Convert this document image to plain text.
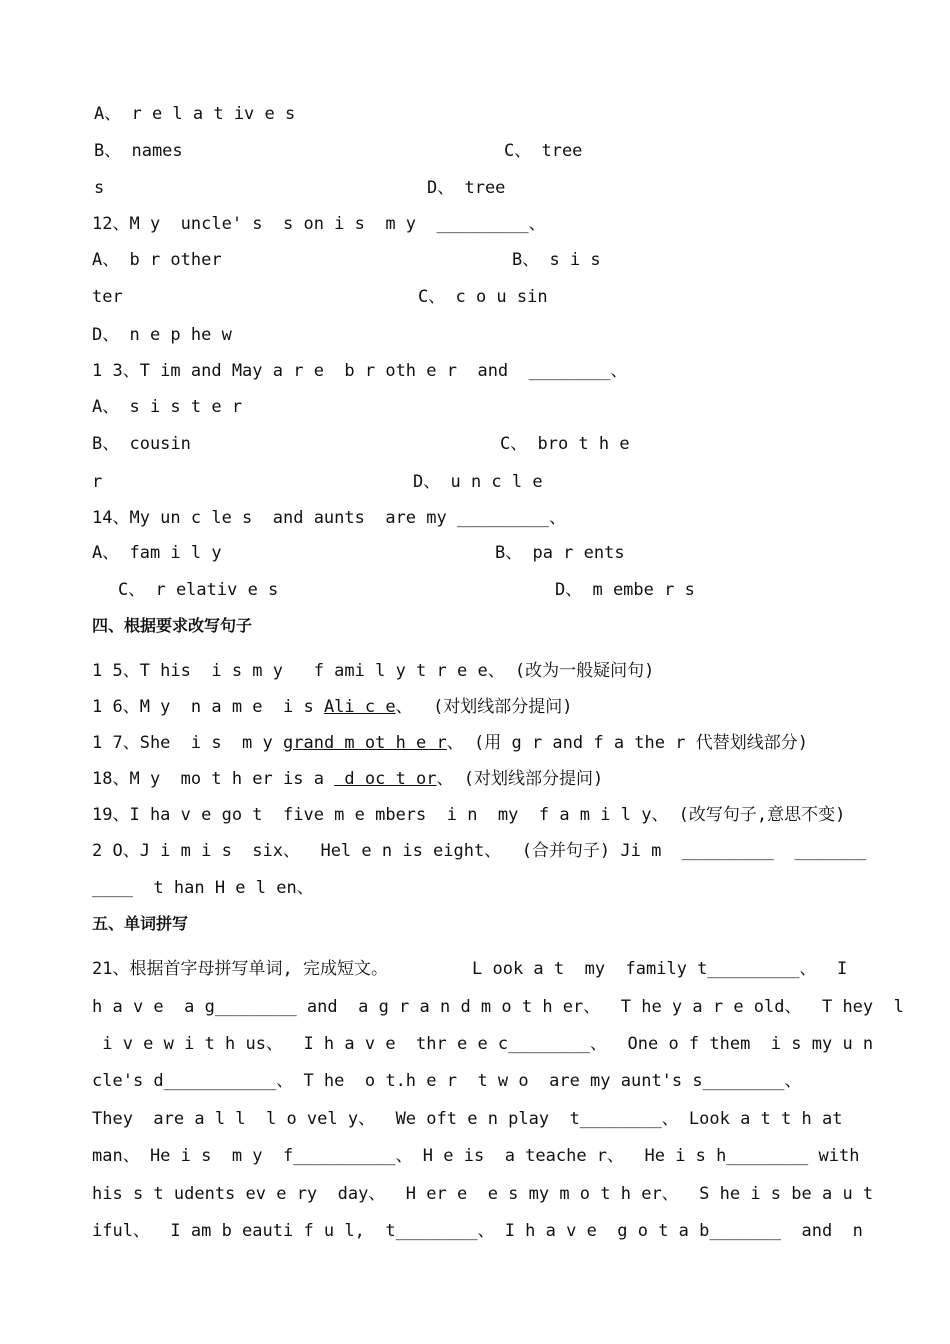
A、 r e l a t iv e s
B、 names	C、 tree
s	D、 tree
12、M y  uncle' s  s on i s  m y  _________、
A、 b r other	B、 s i s
ter	C、 c o u sin
D、 n e p he w
1 3、T im and May a r e  b r oth e r  and  ________、
A、 s i s t e r
B、 cousin	C、 bro t h e
r	D、 u n c l e
14、My un c le s  and aunts  are my _________、
A、 fam i l y	B、 pa r ents
C、 r elativ e s	D、 m embe r s
四、根据要求改写句子
1 5、T his  i s m y   f ami l y t r e e、 (改为一般疑问句)
1 6、M y  n a m e  i s Ali c e、  (对划线部分提问)
1 7、She  i s  m y grand m ot h e r、 (用 g r and f a the r 代替划线部分)
18、M y  mo t h er is a  d oc t or、 (对划线部分提问)
19、I ha v e go t  five m e mbers  i n  my  f a m i l y、 (改写句子,意思不变)
2 O、J i m i s  six、  Hel e n is eight、  (合并句子) Ji m  _________  _______
____  t han H e l en、
五、单词拼写
21、根据首字母拼写单词, 完成短文。	L ook a t  my  family t_________、  I
h a v e  a g________ and  a g r a n d m o t h er、  T he y a r e old、  T hey  l
i v e w i t h us、  I h a v e  thr e e c________、  One o f them  i s my u n
cle's d___________、 T he  o t.h e r  t w o  are my aunt's s________、
They  are a l l  l o vel y、  We oft e n play  t________、 Look a t t h at
man、 He i s  m y  f__________、 H e is  a teache r、  He i s h________ with
his s t udents ev e ry  day、  H er e  e s my m o t h er、  S he i s be a u t
iful、  I am b eauti f u l,  t________、 I h a v e  g o t a b_______  and  n
